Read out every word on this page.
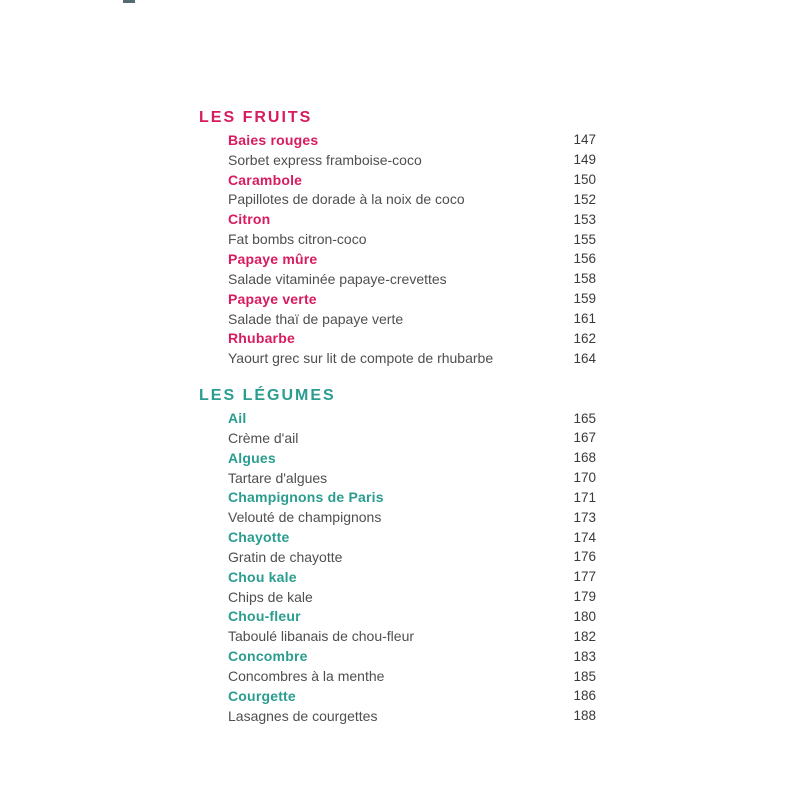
LES FRUITS
Baies rouges	147
Sorbet express framboise-coco	149
Carambole	150
Papillotes de dorade à la noix de coco	152
Citron	153
Fat bombs citron-coco	155
Papaye mûre	156
Salade vitaminée papaye-crevettes	158
Papaye verte	159
Salade thaï de papaye verte	161
Rhubarbe	162
Yaourt grec sur lit de compote de rhubarbe	164
LES LÉGUMES
Ail	165
Crème d'ail	167
Algues	168
Tartare d'algues	170
Champignons de Paris	171
Velouté de champignons	173
Chayotte	174
Gratin de chayotte	176
Chou kale	177
Chips de kale	179
Chou-fleur	180
Taboulé libanais de chou-fleur	182
Concombre	183
Concombres à la menthe	185
Courgette	186
Lasagnes de courgettes	188
